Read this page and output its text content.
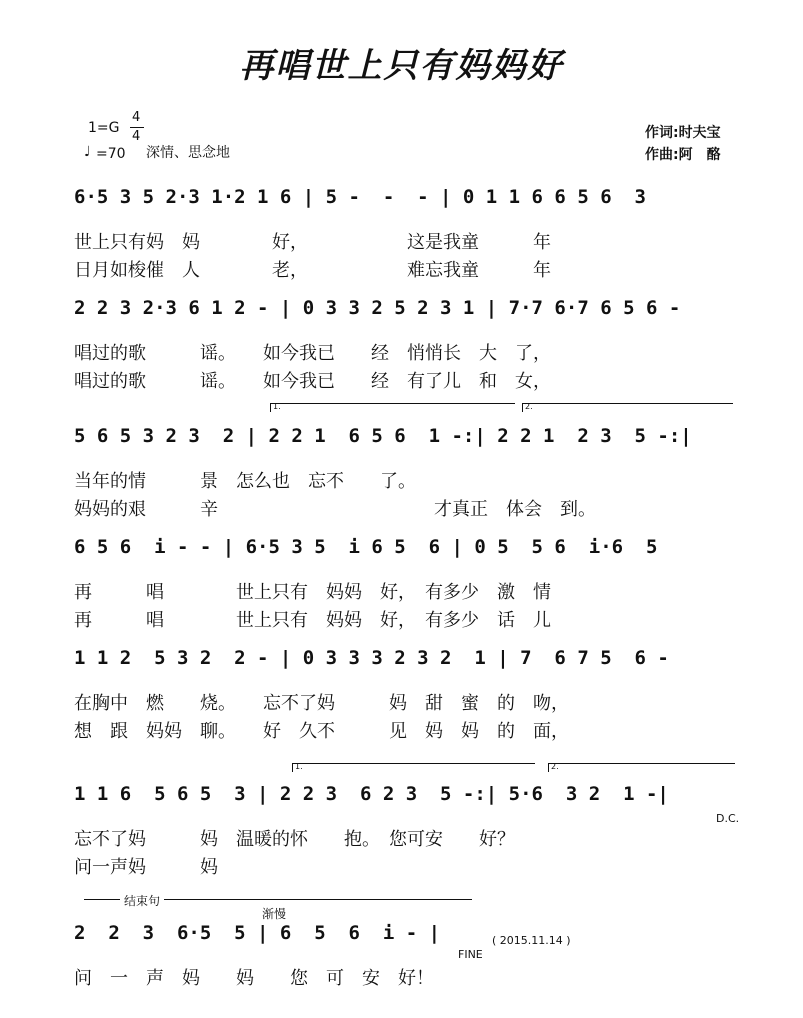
再唱世上只有妈妈好
1=G
4
4
♩ =70 深情、思念地
作词:时夫宝
作曲:阿　酪
6·5 3 5 2·3 1·2 1 6 | 5 -  -  - | 0 1 1 6 6 5 6  3
世上只有妈　妈　　　　好，　　　　　　这是我童　　　年
日月如梭催　人　　　　老，　　　　　　难忘我童　　　年
2 2 3 2·3 6 1 2 - | 0 3 3 2 5 2 3 1 | 7·7 6·7 6 5 6 -
唱过的歌　　　谣。　　如今我已　　经　悄悄长　大　了，
唱过的歌　　　谣。　　如今我已　　经　有了儿　和　女，
1.	2.
5 6 5 3 2 3  2 | 2 2 1  6 5 6  1 -:| 2 2 1  2 3  5 -:|
当年的情　　　景　怎么也　忘不　　了。
妈妈的艰　　　辛　　　　　　　　　　　　才真正　体会　到。
6 5 6  i - - | 6·5 3 5  i 6 5  6 | 0 5  5 6  i·6  5
再　　　唱　　　　世上只有　妈妈　好，　有多少　激　情
再　　　唱　　　　世上只有　妈妈　好，　有多少　话　儿
1 1 2  5 3 2  2 - | 0 3 3 3 2 3 2  1 | 7  6 7 5  6 -
在胸中　燃　　烧。　　忘不了妈　　　妈　甜　蜜　的　吻，
想　跟　妈妈　聊。　　好　久不　　　见　妈　妈　的　面，
1.	2.
1 1 6  5 6 5  3 | 2 2 3  6 2 3  5 -:| 5·6  3 2  1 -|
忘不了妈　　　妈　温暖的怀　　抱。　您可安　　好？
问一声妈　　　妈
D.C.
结束句
渐慢
2  2  3  6·5  5 | 6  5  6  i - |
问　一　声　妈　　妈　　您　可　安　好！
FINE
( 2015.11.14 )
